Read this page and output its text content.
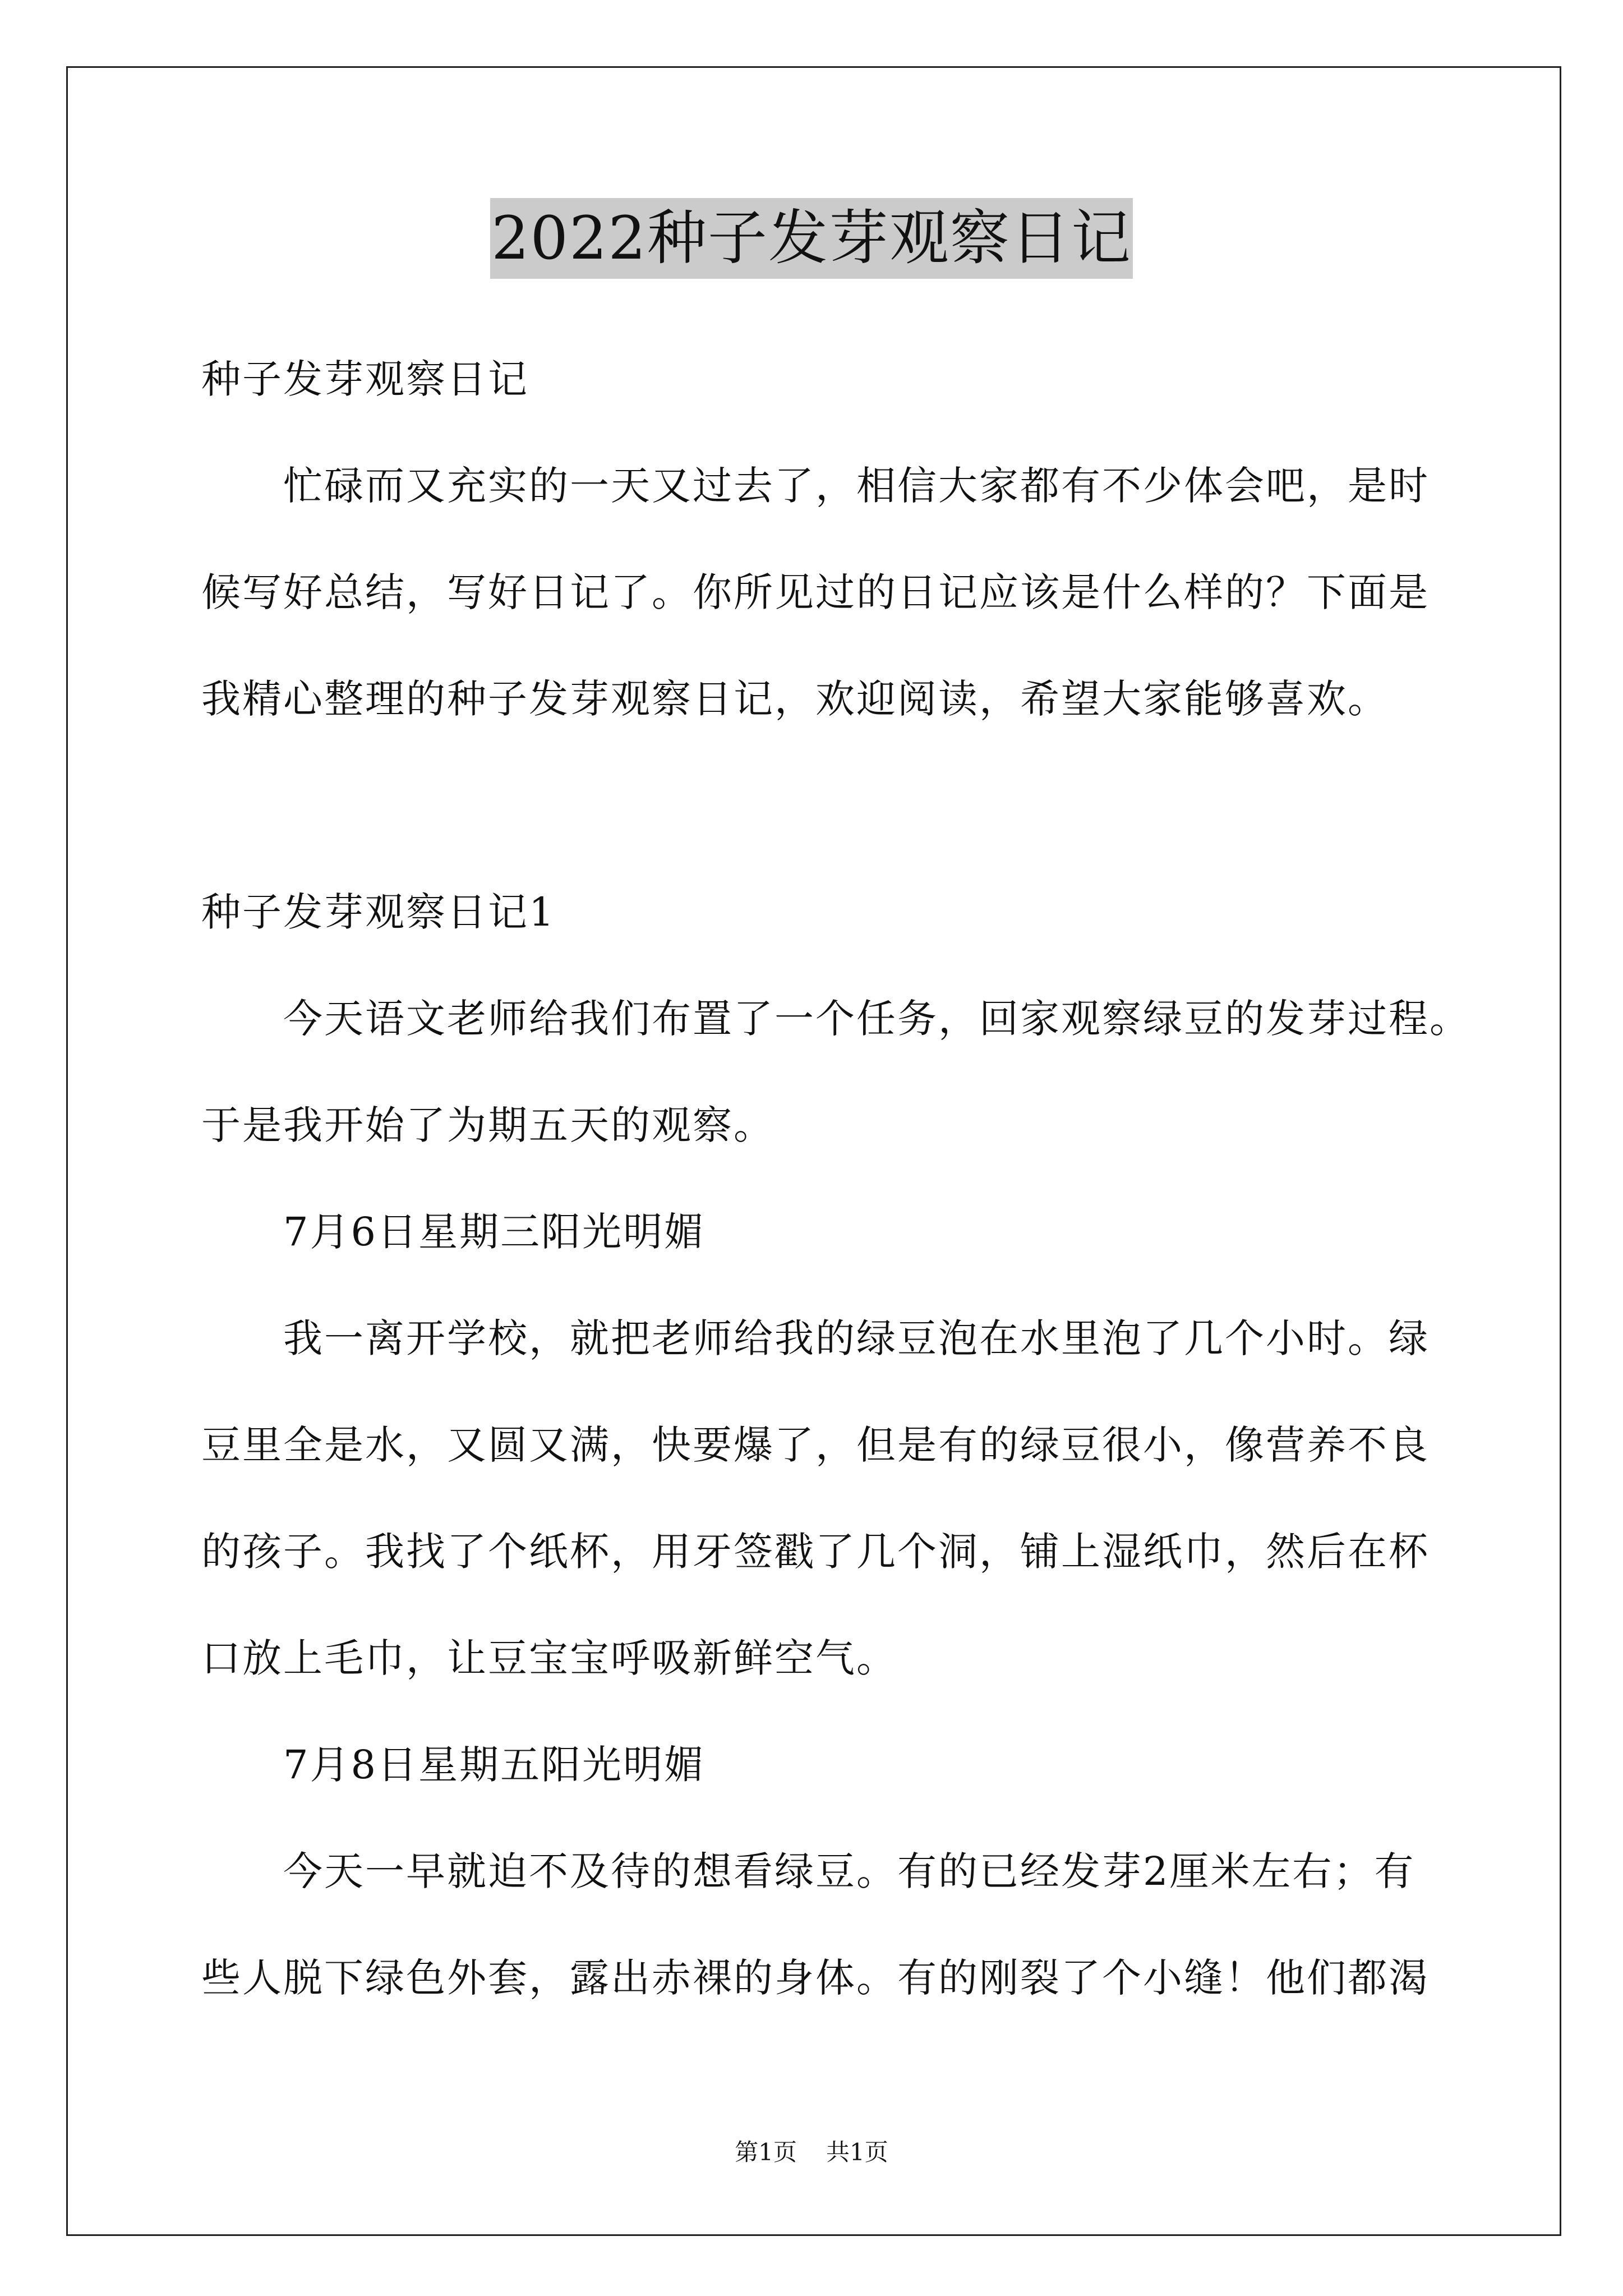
2022种子发芽观察日记
种子发芽观察日记
忙碌而又充实的一天又过去了，相信大家都有不少体会吧，是时
候写好总结，写好日记了。你所见过的日记应该是什么样的？下面是
我精心整理的种子发芽观察日记，欢迎阅读，希望大家能够喜欢。
种子发芽观察日记1
今天语文老师给我们布置了一个任务，回家观察绿豆的发芽过程。
于是我开始了为期五天的观察。
7月6日星期三阳光明媚
我一离开学校，就把老师给我的绿豆泡在水里泡了几个小时。绿
豆里全是水，又圆又满，快要爆了，但是有的绿豆很小，像营养不良
的孩子。我找了个纸杯，用牙签戳了几个洞，铺上湿纸巾，然后在杯
口放上毛巾，让豆宝宝呼吸新鲜空气。
7月8日星期五阳光明媚
今天一早就迫不及待的想看绿豆。有的已经发芽2厘米左右；有
些人脱下绿色外套，露出赤裸的身体。有的刚裂了个小缝！他们都渴
第1页 共1页
